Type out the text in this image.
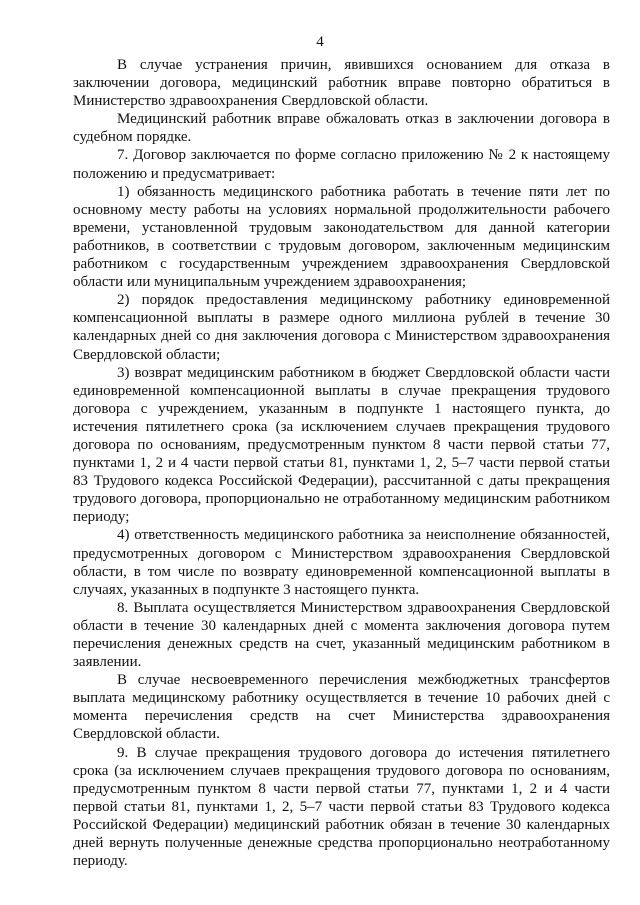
4

В случае устранения причин, явившихся основанием для отказа в заключении договора, медицинский работник вправе повторно обратиться в Министерство здравоохранения Свердловской области.

Медицинский работник вправе обжаловать отказ в заключении договора в судебном порядке.

7. Договор заключается по форме согласно приложению № 2 к настоящему положению и предусматривает:

1) обязанность медицинского работника работать в течение пяти лет по основному месту работы на условиях нормальной продолжительности рабочего времени, установленной трудовым законодательством для данной категории работников, в соответствии с трудовым договором, заключенным медицинским работником с государственным учреждением здравоохранения Свердловской области или муниципальным учреждением здравоохранения;

2) порядок предоставления медицинскому работнику единовременной компенсационной выплаты в размере одного миллиона рублей в течение 30 календарных дней со дня заключения договора с Министерством здравоохранения Свердловской области;

3) возврат медицинским работником в бюджет Свердловской области части единовременной компенсационной выплаты в случае прекращения трудового договора с учреждением, указанным в подпункте 1 настоящего пункта, до истечения пятилетнего срока (за исключением случаев прекращения трудового договора по основаниям, предусмотренным пунктом 8 части первой статьи 77, пунктами 1, 2 и 4 части первой статьи 81, пунктами 1, 2, 5–7 части первой статьи 83 Трудового кодекса Российской Федерации), рассчитанной с даты прекращения трудового договора, пропорционально не отработанному медицинским работником периоду;

4) ответственность медицинского работника за неисполнение обязанностей, предусмотренных договором с Министерством здравоохранения Свердловской области, в том числе по возврату единовременной компенсационной выплаты в случаях, указанных в подпункте 3 настоящего пункта.

8. Выплата осуществляется Министерством здравоохранения Свердловской области в течение 30 календарных дней с момента заключения договора путем перечисления денежных средств на счет, указанный медицинским работником в заявлении.

В случае несвоевременного перечисления межбюджетных трансфертов выплата медицинскому работнику осуществляется в течение 10 рабочих дней с момента перечисления средств на счет Министерства здравоохранения Свердловской области.

9. В случае прекращения трудового договора до истечения пятилетнего срока (за исключением случаев прекращения трудового договора по основаниям, предусмотренным пунктом 8 части первой статьи 77, пунктами 1, 2 и 4 части первой статьи 81, пунктами 1, 2, 5–7 части первой статьи 83 Трудового кодекса Российской Федерации) медицинский работник обязан в течение 30 календарных дней вернуть полученные денежные средства пропорционально неотработанному периоду.
